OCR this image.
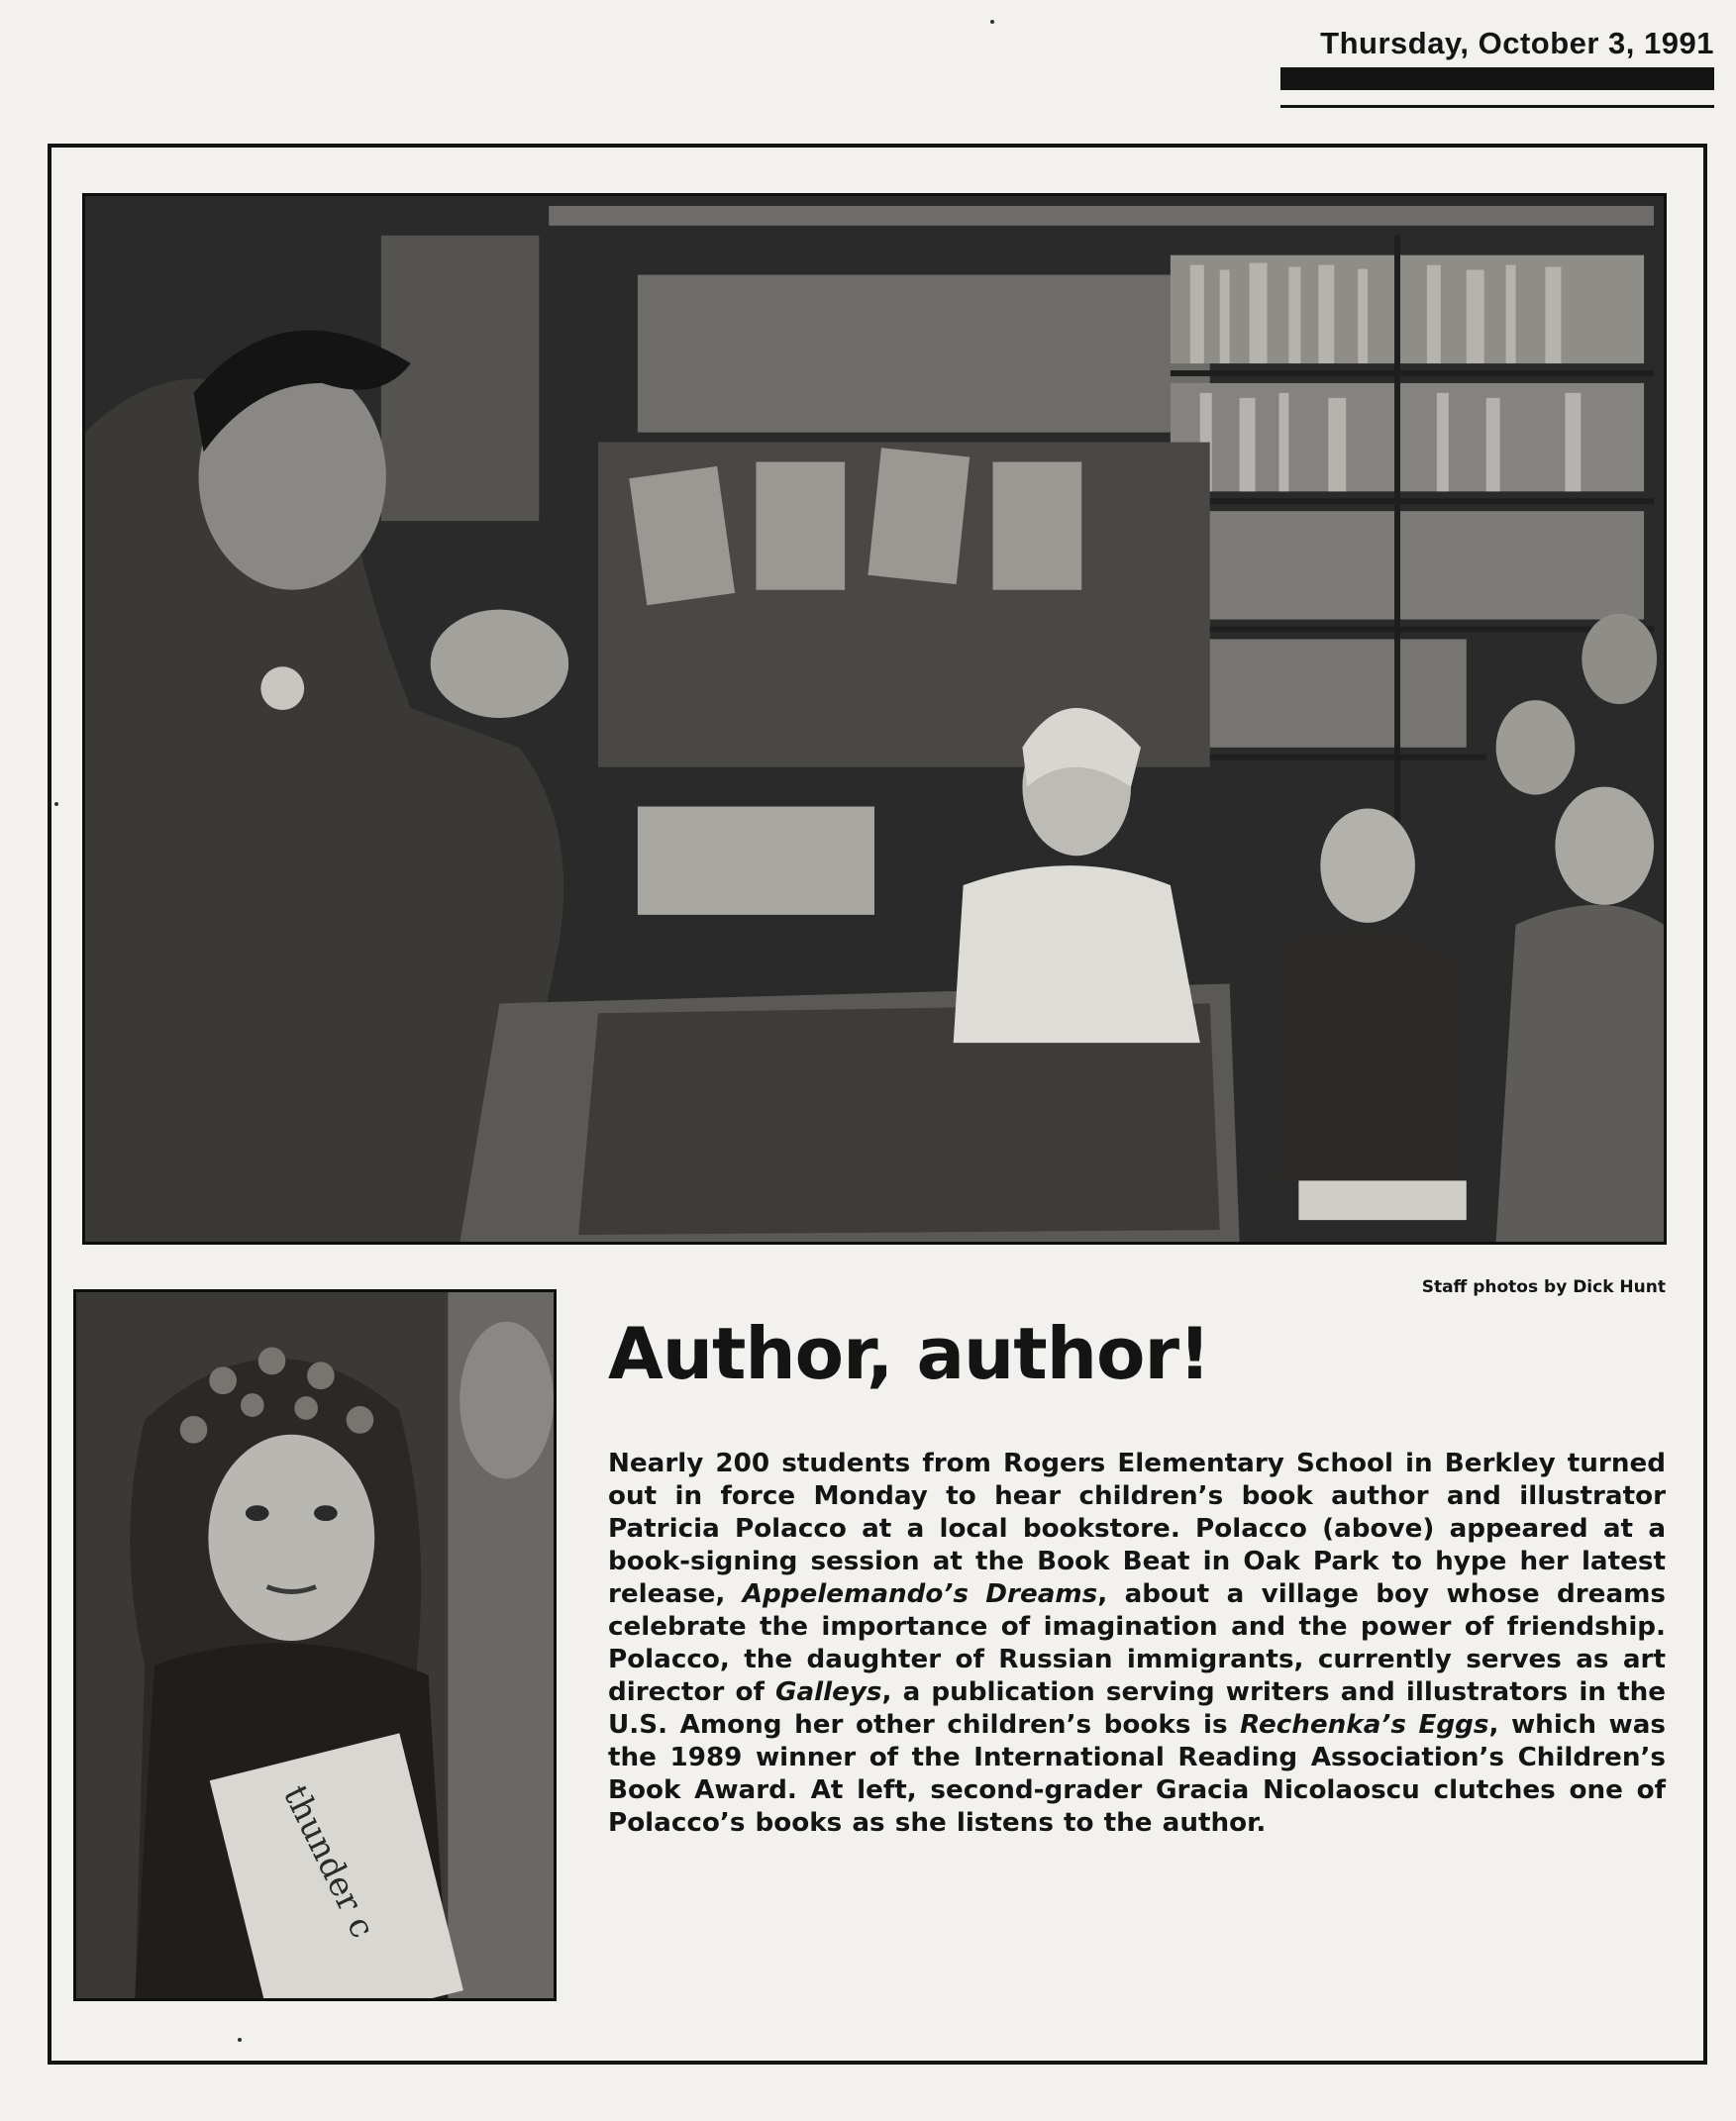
Thursday, October 3, 1991
thunder c
Staff photos by Dick Hunt
Author, author!
Nearly 200 students from Rogers Elementary School in Berkley turned out in force Monday to hear children’s book author and illustrator Patricia Polacco at a local bookstore. Polacco (above) appeared at a book-signing session at the Book Beat in Oak Park to hype her latest release, Appelemando’s Dreams, about a village boy whose dreams celebrate the importance of imagination and the power of friendship. Polacco, the daughter of Russian immigrants, currently serves as art director of Galleys, a publication serving writers and illustrators in the U.S. Among her other children’s books is Rechenka’s Eggs, which was the 1989 winner of the International Reading Association’s Children’s Book Award. At left, second-grader Gracia Nicolaoscu clutches one of Polacco’s books as she listens to the author.
